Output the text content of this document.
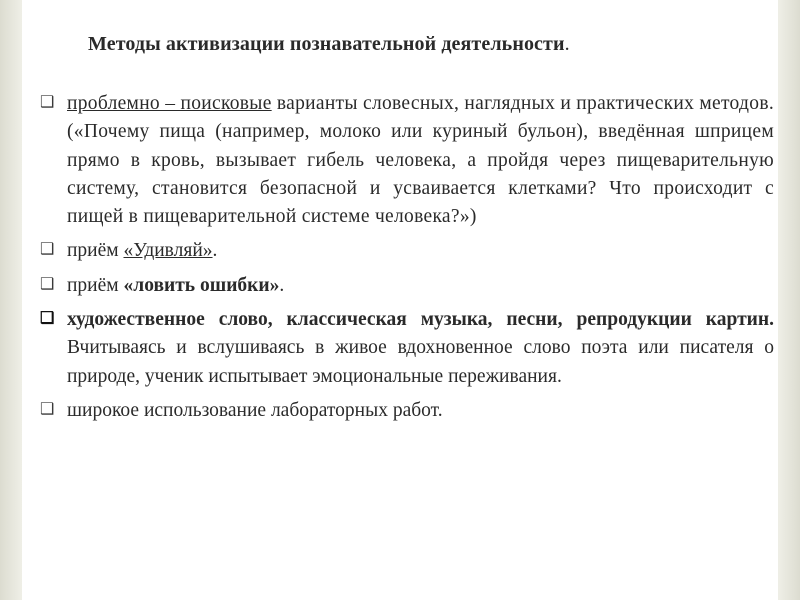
Методы активизации познавательной деятельности.
❑ проблемно – поисковые варианты словесных, наглядных и практических методов. («Почему пища (например, молоко или куриный бульон), введённая шприцем прямо в кровь, вызывает гибель человека, а пройдя через пищеварительную систему, становится безопасной и усваивается клетками? Что происходит с пищей в пищеварительной системе человека?»)
❑ приём «Удивляй».
❑ приём «ловить ошибки».
❑ художественное слово, классическая музыка, песни, репродукции картин. Вчитываясь и вслушиваясь в живое вдохновенное слово поэта или писателя о природе, ученик испытывает эмоциональные переживания.
❑ широкое использование лабораторных работ.
